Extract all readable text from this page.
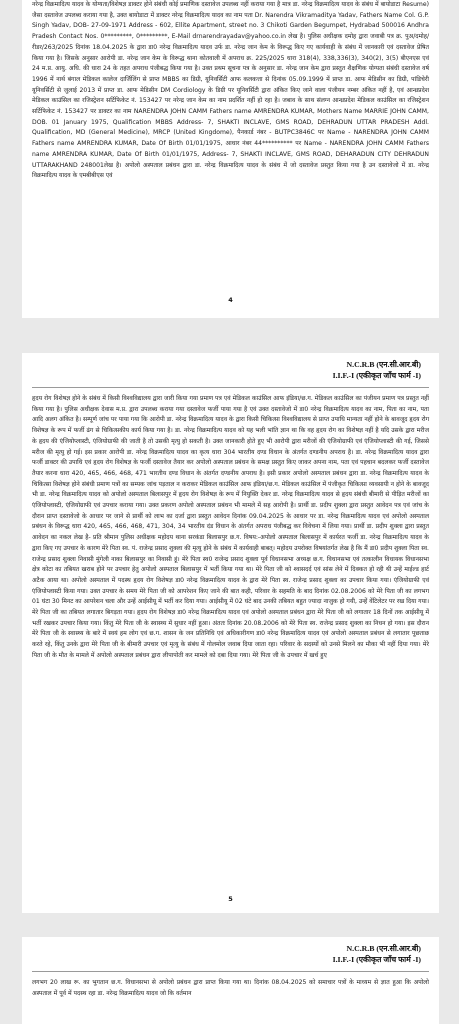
नरेन्द्र विक्रमादित्य यादव के योग्यता/विशेषज्ञ डाक्टर होने संबंधी कोई प्रमाणिक दस्तावेज उपलब्ध नहीं कराया गया है मात्र डा. नरेन्द्र विक्रमादित्य यादव के संबंध में बायोडाटा Resume) जैसा दस्तावेज उपलब्ध कराया गया है, उक्त बायोडाटा में डाक्टर नरेन्द्र विक्रमादित्य यादव का नाम पता Dr. Narendra Vikramaditya Yadav, Fathers Name Col. G.P. Singh Yadav, DOB- 27-09-1971 Address - 602, Ellite Apartment, street no. 3 Chikoti Garden Begumpet, Hydrabad 500016 Andhra Pradesh Contact Nos. 0*********, 0*********, E-Mail drnarendrayadav@yahoo.co.in लेख है। पुलिस अधीक्षक दमोह द्वारा जवाबी पत्र क्र. पुअ/दमोह/रीडर/263/2025 दिनांक 18.04.2025 के द्वारा डा0 नरेन्द्र विक्रमादित्य यादव उर्फ डा. नरेन्द्र जान केम के विरूद्ध किए गए कार्यवाही के संबंध में जानकारी एवं दस्तावेज प्रेषित किया गया है। जिसके अनुसार आरोपी डा. नरेन्द्र जान केम के विरूद्ध थाना कोतवाली में अपराध क्र. 225/2025 धारा 318(4), 338,336(3), 340(2), 3(5) बीएनएस एवं 24 म.प्र. आयु. अधि. की धारा 24 के तहत अपराध पंजीबद्ध किया गया है। उक्त प्रथम सूचना पत्र के अनुसार डा. नरेन्द्र जान केम द्वारा प्रस्तुत शैक्षणिक योग्यता संबंधी दस्तावेज वर्ष 1996 में नार्थ बंगाल मेडिकल कालेज दार्जिलिंग से प्राप्त MBBS का डिग्री, यूनिवर्सिटी आफ कलकत्ता से दिनांक 05.09.1999 में प्राप्त डा. आफ मेडिसीन का डिग्री, पांडिचेरी यूनिवर्सिटी से जुलाई 2013 में प्राप्त डा. आफ मेडिसीन DM Cordiology के डिग्री पर यूनिवर्सिटी द्वारा अंकित किए जाने वाला पंजीयन नम्बर अंकित नहीं है, एवं आन्ध्रप्रदेश मेडिकल काउंसिल का रजिस्ट्रेशन सर्टिफिकेट नं. 153427 पर नरेन्द्र जान केम का नाम प्रदर्शित नहीं हो रहा है। जबाव के साथ संलग्न आन्ध्रप्रदेश मेडिकल काउंसिल का रजिस्ट्रेशन सर्टिफिकेट नं. 153427 पर डाक्टर का नाम NARENDRA JOHN CAMM Fathers name AMRENDRA KUMAR, Mothers Name MARRIE JOHN CAMM, DOB. 01 January 1975, Qualification MBBS Address- 7, SHAKTI INCLAVE, GMS ROAD, DEHRADUN UTTAR PRADESH Addl. Qualification, MD (General Medicine), MRCP (United Kingdome), पैनकार्ड नंबर - BUTPC3846C पर Name - NARENDRA JOHN CAMM Fathers name AMRENDRA KUMAR, Date Of Birth 01/01/1975, आधार नंबर 44********** पर Name - NARENDRA JOHN CAMM Fathers name AMRENDRA KUMAR, Date Of Birth 01/01/1975, Address- 7, SHAKTI INCLAVE, GMS ROAD, DEHARADUN CITY DEHRADUN UTTARAKHAND 248001लेख है। अपोलो अस्पताल प्रबंधन द्वारा डा. नरेन्द्र विक्रमादित्य यादव के संबंध में जो दस्तावेज प्रस्तुत किया गया है उन दस्तावेजो में डा. नरेन्द्र विक्रमादित्य यादव के एमबीबीएस एवं

4
N.C.R.B (एन.सी.आर.बी)
I.I.F.-I (एकीकृत जाँच फार्म -I)

हृदय रोग विशेषज्ञ होने के संबंध में किसी विश्वविद्यालय द्वारा जारी किया गया प्रमाण पत्र एवं मेडिकल काउंसिल आफ इंडिया/छ.ग. मेडिकल काउंसिल का पंजीयन प्रमाण पत्र प्रस्तुत नहीं किया गया है। पुलिस अधीक्षक देवास म.प्र. द्वारा उपलब्ध कराया गया दस्तावेज फर्जी पाया गया है एवं उक्त दस्तावेजो में डा0 नरेन्द्र विक्रमादित्य यादव का नाम, पिता का नाम, पता आदि अलग अंकित है। सम्पूर्ण जांच पर पाया गया कि आरोपी डा. नरेन्द्र विक्रमादित्य यादव के द्वारा किसी चिकित्सा विश्वविद्यालय से प्राप्त उपाधि मान्यता नहीं होने के बावजूद हृदय रोग विशेषज्ञ के रूप में फर्जी ढंग से चिकित्सकीय कार्य किया गया है। डा. नरेन्द्र विक्रमादित्य यादव को यह भली भांति ज्ञान था कि वह हृदय रोग का विशेषज्ञ नहीं है यदि उसके द्वारा मरीज के हृदय की एंजियोप्लास्टी, एंजियोग्राफी की जाती है तो उसकी मृत्यु हो सकती है। उक्त जानकारी होते हुए भी आरोपी द्वारा मरीजों की एंजियोग्राफी एवं एंजियोप्लास्टी की गई, जिससे मरीज की मृत्यु हो गई। इस प्रकार आरोपी डा. नरेन्द्र विक्रमादित्य यादव का कृत्य धारा 304 भारतीय दण्ड विधान के अंतर्गत दण्डनीय अपराध है। डा. नरेन्द्र विक्रमादित्य यादव द्वारा फर्जी डाक्टर की उपाधि एवं हृदय रोग विशेषज्ञ के फर्जी दस्तावेज तैयार कर अपोलो अस्पताल प्रबंधन के समक्ष प्रस्तुत किए जाकर अपना नाम, पता एवं पहचान बदलकर फर्जी दस्तावेज तैयार करना धारा 420, 465, 466, 468, 471 भारतीय दण्ड विधान के अंतर्गत दण्डनीय अपराध है। इसी प्रकार अपोलो अस्पताल प्रबंधन द्वारा डा. नरेन्द्र विक्रमादित्य यादव के चिकित्सा विशेषज्ञ होने संबंधी प्रमाण पत्रों का सम्यक जांच पड़ताल न कराकर मेडिकल काउंसिल आफ इंडिया/छ.ग. मेडिकल काउंसिल में पंजीकृत चिकित्सा व्यवसायी न होने के बावजूद भी डा. नरेन्द्र विक्रमादित्य यादव को अपोलो अस्पताल बिलासपुर में हृदय रोग विशेषज्ञ के रूप में नियुक्ति देकर डा. नरेन्द्र विक्रमादित्य यादव से हृदय संबंधी बीमारी से पीड़ित मरीजों का एंजियोप्लास्टी, एंजियोग्राफी एवं उपचार कराया गया। उक्त प्रकरण अपोलो अस्पताल प्रबंधन भी मामले में सह आरोपी है। प्रार्थी डा. प्रदीप शुक्ला द्वारा प्रस्तुत आवेदन पत्र एवं जांच के दौरान प्राप्त दस्तावेजो के आधार पर जाने से प्रार्थी को लाभ का दर्जा द्वारा प्रस्तुत आवेदन दिनांक 09.04.2025 के आधार पर डा. नरेन्द्र विक्रमादित्य यादव एवं अपोलो अस्पताल प्रबंधन के विरूद्ध धारा 420, 465, 466, 468, 471, 304, 34 भारतीय दंड विधान के अंतर्गत अपराध पंजीबद्ध कर विवेचना में लिया गया। प्रार्थी डा. प्रदीप शुक्ला द्वारा प्रस्तुत आवेदन का नकल लेख है- प्रति श्रीमान पुलिस अधीक्षक महोदय थाना सरकंडा बिलासपुर छ.ग. विषय:-अपोलो अस्पताल बिलासपुर में कार्यरत फर्जी डा. नरेन्द्र विक्रमादित्य यादव के द्वारा किए गए उपचार के कारण मेरे पिता स्व. पं. राजेन्द्र प्रसाद शुक्ला की मृत्यु होने के संबंध में कार्यवाही बाबत्। महोदय उपरोक्त विषयांतर्गत लेख है कि मैं डा0 प्रदीप शुक्ला पिता स्व. राजेन्द्र प्रसाद शुक्ला निवासी मुंगेली नाका बिलासपुर का निवासी हूं। मेरे पिता स्व0 राजेन्द्र प्रसाद शुक्ला पूर्व विधानसभा अध्यक्ष छ.ग. विधानसभा एवं तत्कालीन विधायक विधानसभा क्षेत्र कोटा का तबियत खराब होने पर उपचार हेतु अपोलो अस्पताल बिलासपुर में भर्ती किया गया था। मेरे पिता जी को श्वासदर्द एवं सांस लेने में दिक्कत हो रही थी उन्हें माईल्ड हार्ट अटैक आया था। अपोलो अस्पताल में पदस्थ हृदय रोग विशेषज्ञ डा0 नरेन्द्र विक्रमादित्य यादव के द्वारा मेरे पिता स्व. राजेन्द्र प्रसाद शुक्ला का उपचार किया गया। एंजियोग्राफी एवं एंजियोप्लास्टी किया गया। उक्त उपचार के समय मेरे पिता जी को आपरेशन किए जाने की बात कही, परिवार के सहमति के बाद दिनांक 02.08.2006 को मेरे पिता जी का लगभग 01 घंटा 30 मिनट का आपरेशन चला और उन्हें आईसीयू में भर्ती कर दिया गया। आईसीयू में 02 घंटे बाद उनकी तबियत बहुत ज्यादा नाजुक हो गयी, उन्हें वेंटिलेटर पर रख दिया गया। मेरे पिता जी का तबियत लगातार बिगड़ता गया। हृदय रोग विशेषज्ञ डा0 नरेन्द्र विक्रमादित्य यादव एवं अपोलो अस्पताल प्रबंधन द्वारा मेरे पिता जी को लगातार 18 दिनों तक आईसीयू में भर्ती रखकर उपचार किया गया। किंतु मेरे पिता जी के स्वास्थ्य में सुधार नहीं हुआ। अंततः दिनांक 20.08.2006 को मेरे पिता स्व. राजेन्द्र प्रसाद शुक्ला का निधन हो गया। इस दौरान मेरे पिता जी के स्वास्थ्य के बारे में स्वयं हम लोग एवं छ.ग. शासन के जन प्रतिनिधि एवं अधिकारीगण डा0 नरेन्द्र विक्रमादित्य यादव एवं अपोलो अस्पताल प्रबंधन से लगातार पूछताछ करते रहे, किंतु उनके द्वारा मेरे पिता जी के बीमारी उपचार एवं मृत्यु के संबंध में गोलमोल जवाब दिया जाता रहा। परिवार के सदस्यों को उनसे मिलने का मौका भी नहीं दिया गया। मेरे पिता जी के मौत के मामले में अपोलो अस्पताल प्रबंधन द्वारा लीपापोती कर मामले को दबा दिया गया। मेरे पिता जी के उपचार में खर्च हुए

5
N.C.R.B (एन.सी.आर.बी)
I.I.F.-I (एकीकृत जाँच फार्म -I)

लगभग 20 लाख रू. का भुगतान छ.ग. विधानसभा से अपोलो प्रबंधन द्वारा प्राप्त किया गया था। दिनांक 08.04.2025 को समाचार पत्रों के माध्यम से ज्ञात हुआ कि अपोलो अस्पताल में पूर्व में पदस्थ रहा डा. नरेन्द्र विक्रमादित्य यादव जो कि वर्तमान
